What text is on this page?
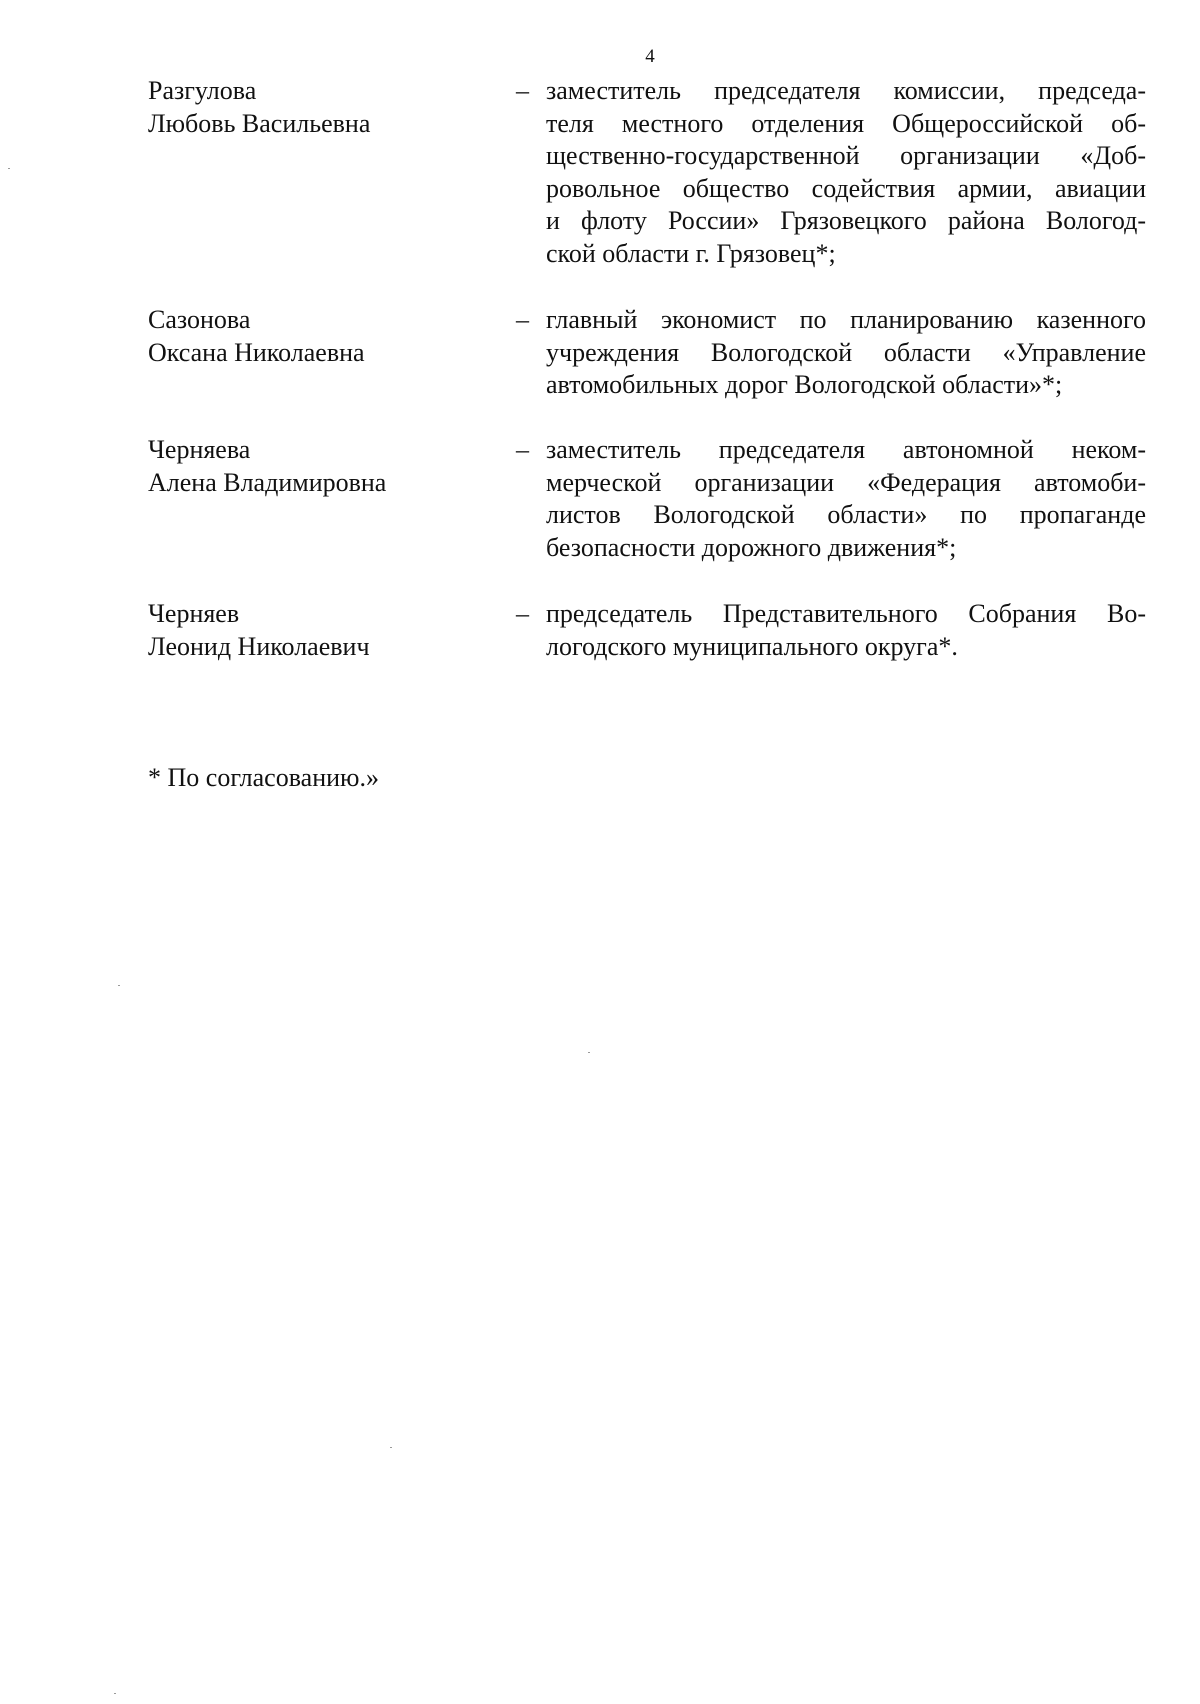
4
Разгулова
Любовь Васильевна
– заместитель председателя комиссии, председа-
теля местного отделения Общероссийской об-
щественно-государственной организации «Доб-
ровольное общество содействия армии, авиации
и флоту России» Грязовецкого района Вологод-
ской области г. Грязовец*;
Сазонова
Оксана Николаевна
– главный экономист по планированию казенного
учреждения Вологодской области «Управление
автомобильных дорог Вологодской области»*;
Черняева
Алена Владимировна
– заместитель председателя автономной неком-
мерческой организации «Федерация автомоби-
листов Вологодской области» по пропаганде
безопасности дорожного движения*;
Черняев
Леонид Николаевич
– председатель Представительного Собрания Во-
логодского муниципального округа*.
* По согласованию.»
